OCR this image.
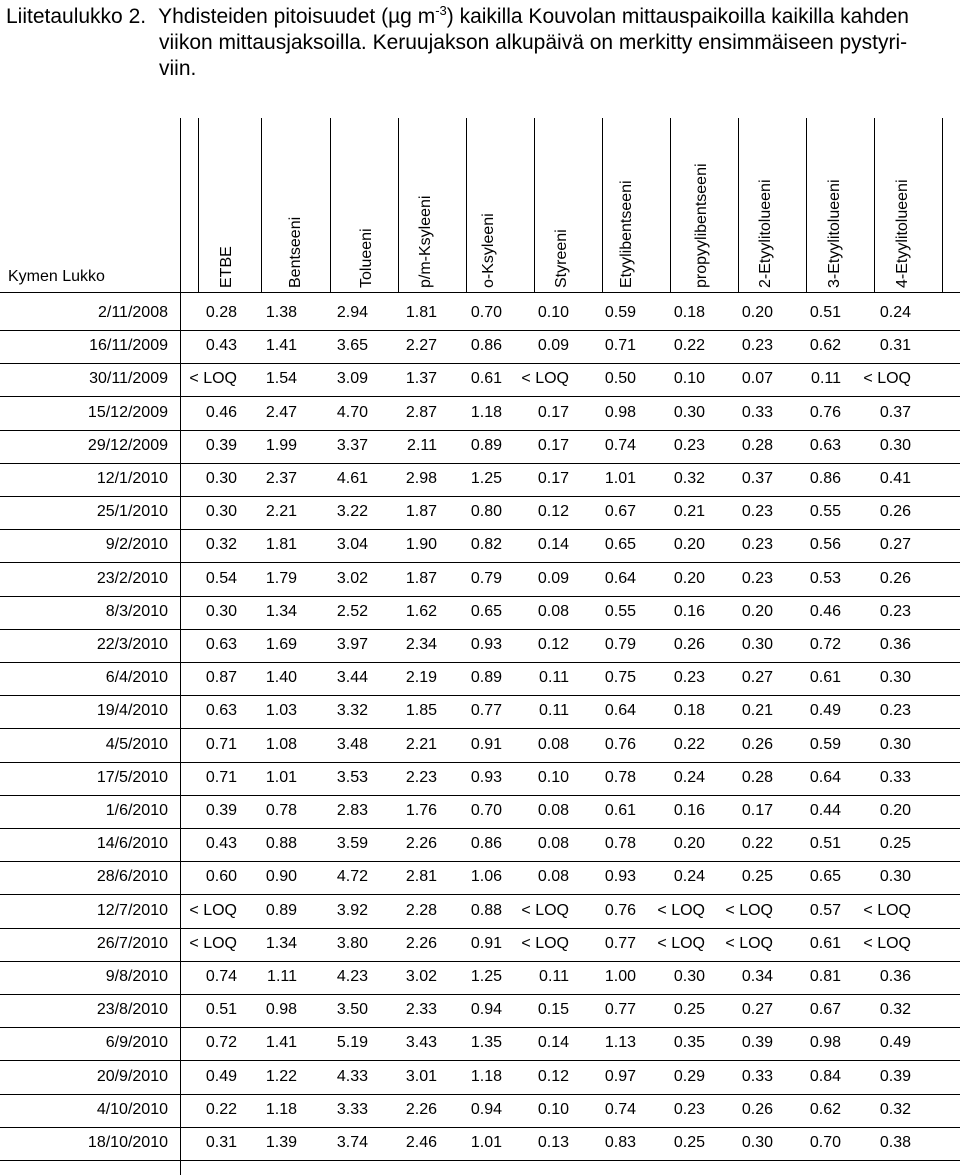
Liitetaulukko 2. Yhdisteiden pitoisuudet (µg $m^{-3}$) kaikilla Kouvolan mittauspaikoilla kaikilla kahden
viikon mittausjaksoilla. Keruujakson alkupäivä on merkitty ensimmäiseen pystyri-
viin.
Kymen Lukko	ETBE	Bentseeni	Tolueeni	p/m-Ksyleeni	o-Ksyleeni	Styreeni	Etyylibentseeni	propyylibentseeni	2-Etyylitolueeni	3-Etyylitolueeni	4-Etyylitolueeni
2/11/2008	0.28	1.38	2.94	1.81	0.70	0.10	0.59	0.18	0.20	0.51	0.24
16/11/2009	0.43	1.41	3.65	2.27	0.86	0.09	0.71	0.22	0.23	0.62	0.31
30/11/2009	< LOQ	1.54	3.09	1.37	0.61	< LOQ	0.50	0.10	0.07	0.11	< LOQ
15/12/2009	0.46	2.47	4.70	2.87	1.18	0.17	0.98	0.30	0.33	0.76	0.37
29/12/2009	0.39	1.99	3.37	2.11	0.89	0.17	0.74	0.23	0.28	0.63	0.30
12/1/2010	0.30	2.37	4.61	2.98	1.25	0.17	1.01	0.32	0.37	0.86	0.41
25/1/2010	0.30	2.21	3.22	1.87	0.80	0.12	0.67	0.21	0.23	0.55	0.26
9/2/2010	0.32	1.81	3.04	1.90	0.82	0.14	0.65	0.20	0.23	0.56	0.27
23/2/2010	0.54	1.79	3.02	1.87	0.79	0.09	0.64	0.20	0.23	0.53	0.26
8/3/2010	0.30	1.34	2.52	1.62	0.65	0.08	0.55	0.16	0.20	0.46	0.23
22/3/2010	0.63	1.69	3.97	2.34	0.93	0.12	0.79	0.26	0.30	0.72	0.36
6/4/2010	0.87	1.40	3.44	2.19	0.89	0.11	0.75	0.23	0.27	0.61	0.30
19/4/2010	0.63	1.03	3.32	1.85	0.77	0.11	0.64	0.18	0.21	0.49	0.23
4/5/2010	0.71	1.08	3.48	2.21	0.91	0.08	0.76	0.22	0.26	0.59	0.30
17/5/2010	0.71	1.01	3.53	2.23	0.93	0.10	0.78	0.24	0.28	0.64	0.33
1/6/2010	0.39	0.78	2.83	1.76	0.70	0.08	0.61	0.16	0.17	0.44	0.20
14/6/2010	0.43	0.88	3.59	2.26	0.86	0.08	0.78	0.20	0.22	0.51	0.25
28/6/2010	0.60	0.90	4.72	2.81	1.06	0.08	0.93	0.24	0.25	0.65	0.30
12/7/2010	< LOQ	0.89	3.92	2.28	0.88	< LOQ	0.76	< LOQ	< LOQ	0.57	< LOQ
26/7/2010	< LOQ	1.34	3.80	2.26	0.91	< LOQ	0.77	< LOQ	< LOQ	0.61	< LOQ
9/8/2010	0.74	1.11	4.23	3.02	1.25	0.11	1.00	0.30	0.34	0.81	0.36
23/8/2010	0.51	0.98	3.50	2.33	0.94	0.15	0.77	0.25	0.27	0.67	0.32
6/9/2010	0.72	1.41	5.19	3.43	1.35	0.14	1.13	0.35	0.39	0.98	0.49
20/9/2010	0.49	1.22	4.33	3.01	1.18	0.12	0.97	0.29	0.33	0.84	0.39
4/10/2010	0.22	1.18	3.33	2.26	0.94	0.10	0.74	0.23	0.26	0.62	0.32
18/10/2010	0.31	1.39	3.74	2.46	1.01	0.13	0.83	0.25	0.30	0.70	0.38
